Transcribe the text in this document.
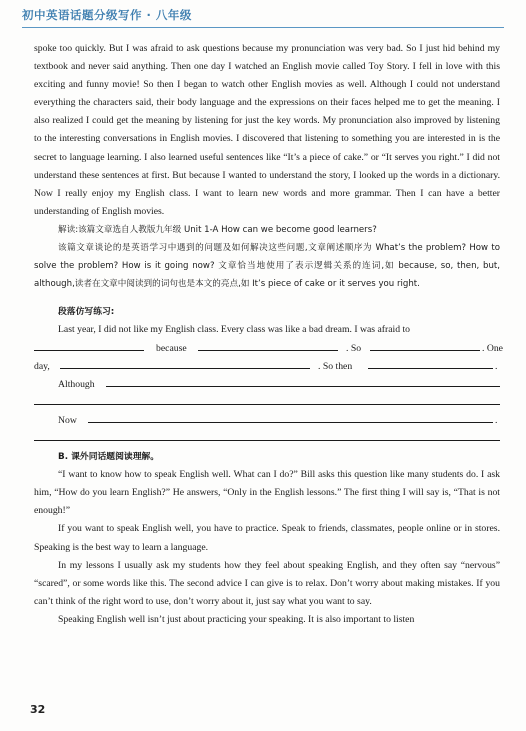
初中英语话题分级写作 · 八年级

spoke too quickly. But I was afraid to ask questions because my pronunciation was very bad. So I just hid behind my textbook and never said anything. Then one day I watched an English movie called Toy Story. I fell in love with this exciting and funny movie! So then I began to watch other English movies as well. Although I could not understand everything the characters said, their body language and the expressions on their faces helped me to get the meaning. I also realized I could get the meaning by listening for just the key words. My pronunciation also improved by listening to the interesting conversations in English movies. I discovered that listening to something you are interested in is the secret to language learning. I also learned useful sentences like “It’s a piece of cake.” or “It serves you right.” I did not understand these sentences at first. But because I wanted to understand the story, I looked up the words in a dictionary. Now I really enjoy my English class. I want to learn new words and more grammar. Then I can have a better understanding of English movies.

解读:该篇文章选自人教版九年级 Unit 1-A How can we become good learners?

该篇文章谈论的是英语学习中遇到的问题及如何解决这些问题,文章阐述顺序为 What’s the problem? How to solve the problem? How is it going now? 文章恰当地使用了表示逻辑关系的连词,如 because, so, then, but, although,读者在文章中阅读到的词句也是本文的亮点,如 It’s piece of cake or it serves you right.

段落仿写练习:

Last year, I did not like my English class. Every class was like a bad dream. I was afraid to

because	. So	. One
day,	. So then	.
Although
Now	.

B. 课外同话题阅读理解。

“I want to know how to speak English well. What can I do?” Bill asks this question like many students do. I ask him, “How do you learn English?” He answers, “Only in the English lessons.” The first thing I will say is, “That is not enough!”

If you want to speak English well, you have to practice. Speak to friends, classmates, people online or in stores. Speaking is the best way to learn a language.

In my lessons I usually ask my students how they feel about speaking English, and they often say “nervous” “scared”, or some words like this. The second advice I can give is to relax. Don’t worry about making mistakes. If you can’t think of the right word to use, don’t worry about it, just say what you want to say.

Speaking English well isn’t just about practicing your speaking. It is also important to listen

32
